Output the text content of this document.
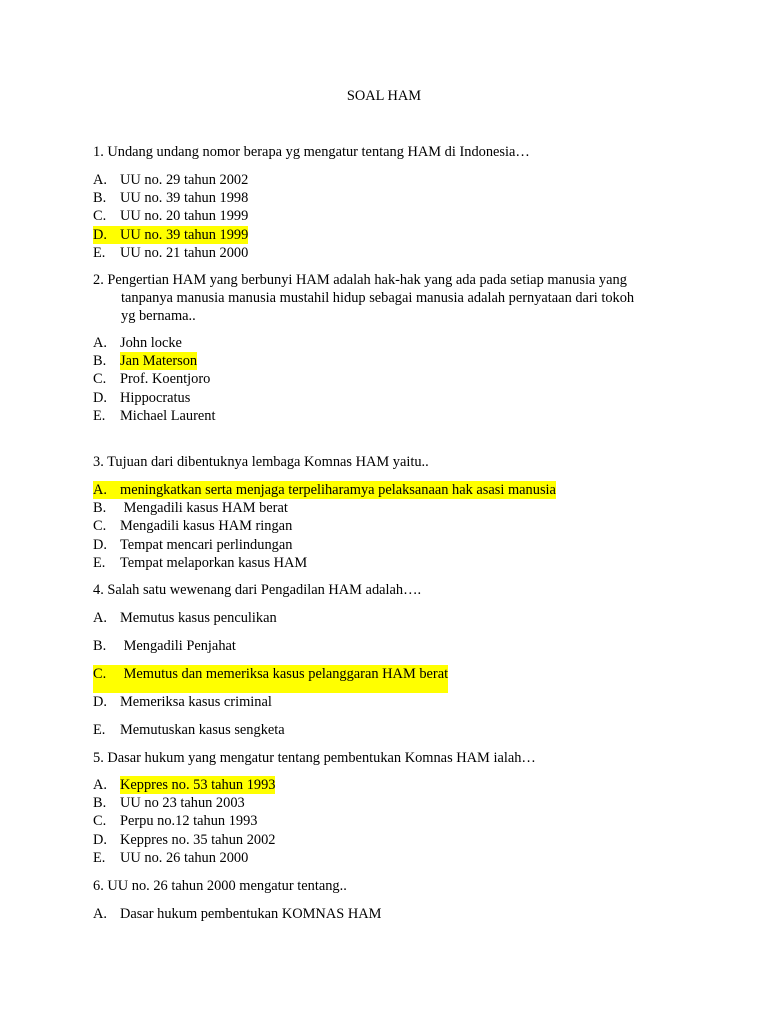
SOAL HAM
1. Undang undang nomor berapa yg mengatur tentang HAM di Indonesia…
A. UU no. 29 tahun 2002
B. UU no. 39 tahun 1998
C. UU no. 20 tahun 1999
D. UU no. 39 tahun 1999
E.	UU no. 21 tahun 2000
2. Pengertian HAM yang berbunyi HAM adalah hak-hak yang ada pada setiap manusia yang
tanpanya manusia manusia mustahil hidup sebagai manusia adalah pernyataan dari tokoh
yg bernama..
A. John locke
B. Jan Materson
C. Prof. Koentjoro
D. Hippocratus
E.	Michael Laurent
3. Tujuan dari dibentuknya lembaga Komnas HAM yaitu..
A. meningkatkan serta menjaga terpeliharamya pelaksanaan hak asasi manusia
B. Mengadili kasus HAM berat
C. Mengadili kasus HAM ringan
D. Tempat mencari perlindungan
E.	Tempat melaporkan kasus HAM
4. Salah satu wewenang dari Pengadilan HAM adalah….
A. Memutus kasus penculikan
B. Mengadili Penjahat
C. Memutus dan memeriksa kasus pelanggaran HAM berat
D. Memeriksa kasus criminal
E.	Memutuskan kasus sengketa
5. Dasar hukum yang mengatur tentang pembentukan Komnas HAM ialah…
A. Keppres no. 53 tahun 1993
B. UU no 23 tahun 2003
C. Perpu no.12 tahun 1993
D. Keppres no. 35 tahun 2002
E.	UU no. 26 tahun 2000
6. UU no. 26 tahun 2000 mengatur tentang..
A. Dasar hukum pembentukan KOMNAS HAM
